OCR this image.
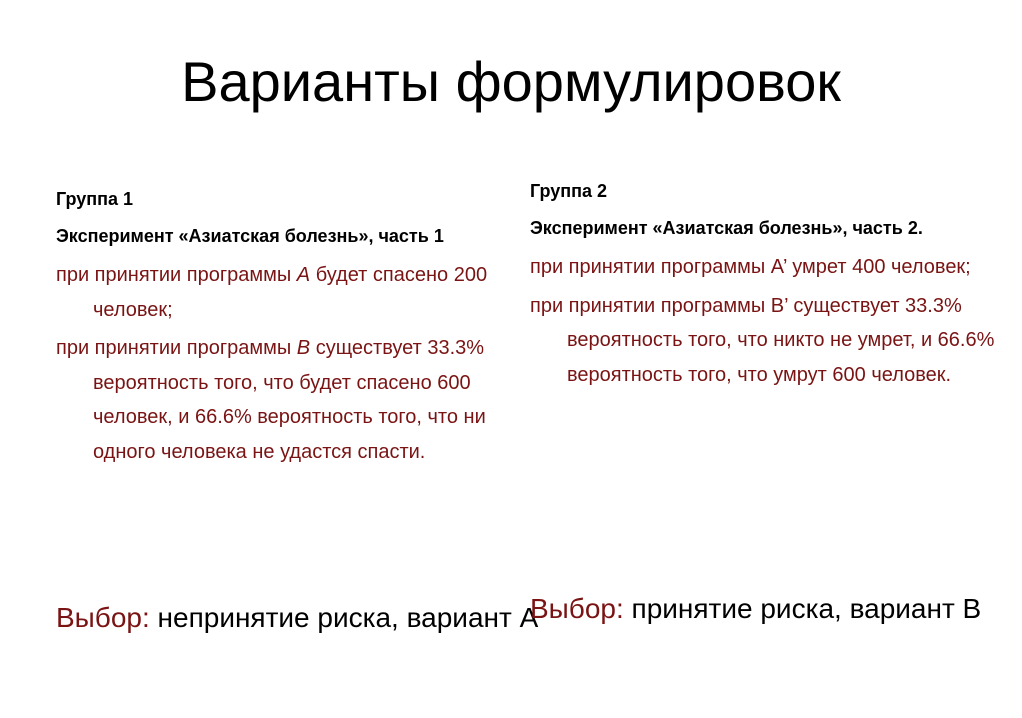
Варианты формулировок

Группа 1

Эксперимент «Азиатская болезнь», часть 1

при принятии программы А будет спасено 200 человек;

при принятии программы В существует 33.3% вероятность того, что будет спасено 600 человек, и 66.6% вероятность того, что ни одного человека не удастся спасти.

Выбор: непринятие риска, вариант А

Группа 2

Эксперимент «Азиатская болезнь», часть 2.

при принятии программы А’ умрет 400 человек;

при принятии программы В’ существует 33.3% вероятность того, что никто не умрет, и 66.6% вероятность того, что умрут 600 человек.

Выбор: принятие риска, вариант В
